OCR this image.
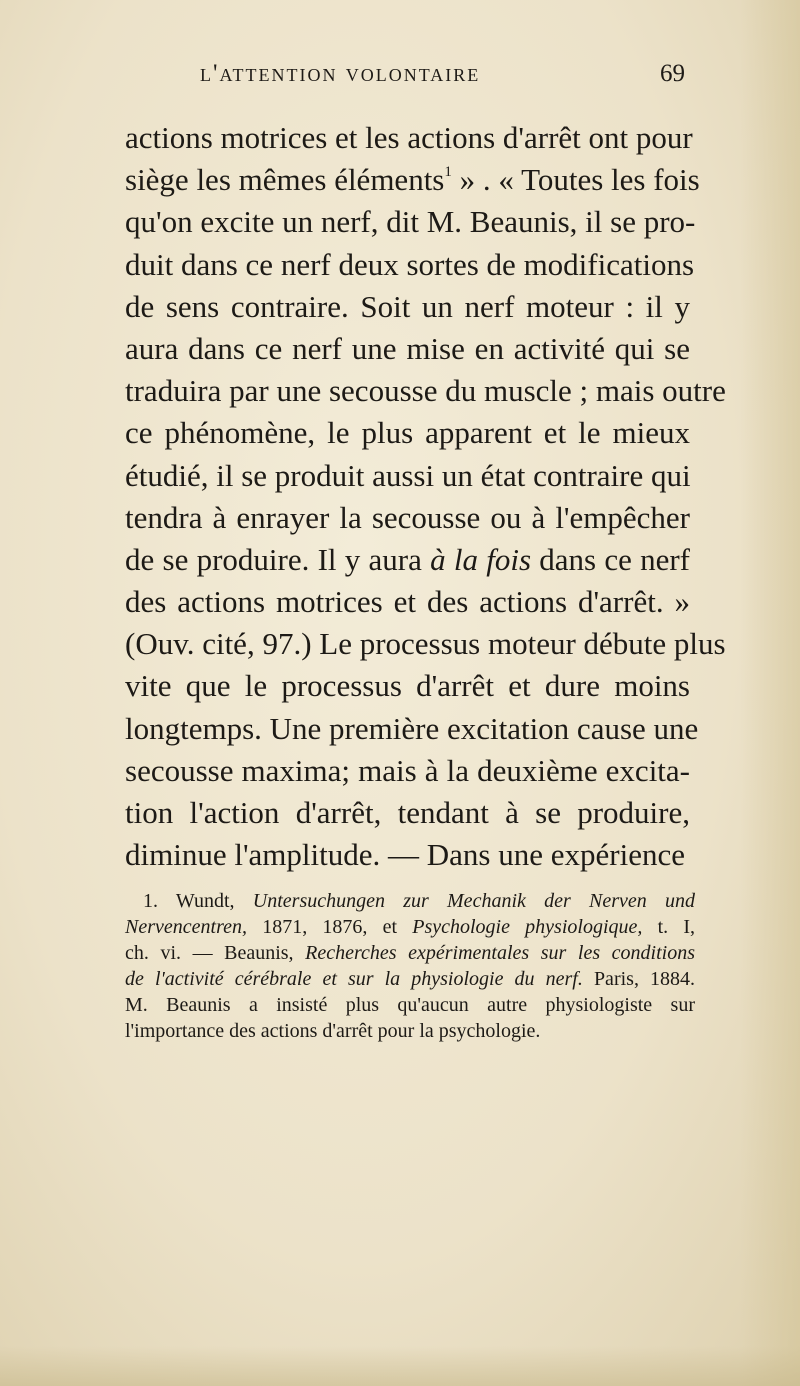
l'attention volontaire	69
actions motrices et les actions d'arrêt ont pour
siège les mêmes éléments$^1$ » . « Toutes les fois
qu'on excite un nerf, dit M. Beaunis, il se pro-
duit dans ce nerf deux sortes de modifications
de sens contraire. Soit un nerf moteur : il y
aura dans ce nerf une mise en activité qui se
traduira par une secousse du muscle ; mais outre
ce phénomène, le plus apparent et le mieux
étudié, il se produit aussi un état contraire qui
tendra à enrayer la secousse ou à l'empêcher
de se produire. Il y aura à la fois dans ce nerf
des actions motrices et des actions d'arrêt. »
(Ouv. cité, 97.) Le processus moteur débute plus
vite que le processus d'arrêt et dure moins
longtemps. Une première excitation cause une
secousse maxima; mais à la deuxième excita-
tion l'action d'arrêt, tendant à se produire,
diminue l'amplitude. — Dans une expérience
1. Wundt, Untersuchungen zur Mechanik der Nerven und
Nervencentren, 1871, 1876, et Psychologie physiologique, t. I,
ch. vi. — Beaunis, Recherches expérimentales sur les conditions
de l'activité cérébrale et sur la physiologie du nerf. Paris, 1884.
M. Beaunis a insisté plus qu'aucun autre physiologiste sur
l'importance des actions d'arrêt pour la psychologie.
